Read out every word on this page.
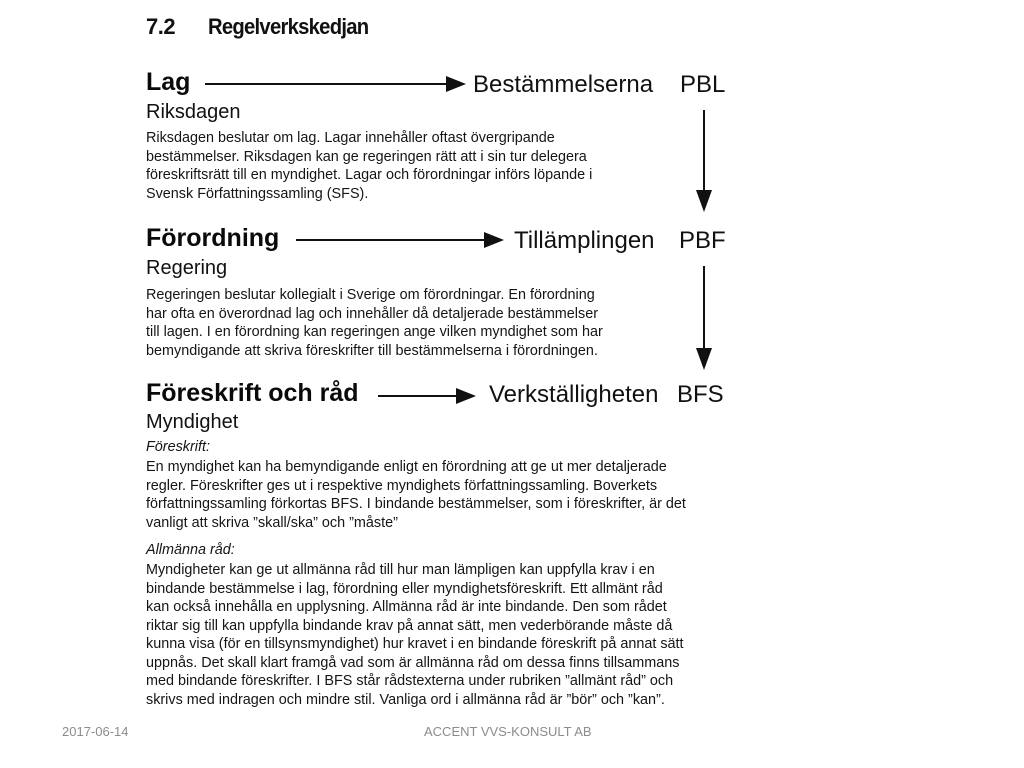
7.2 Regelverkskedjan
Lag
Riksdagen
Bestämmelserna PBL
Riksdagen beslutar om lag. Lagar innehåller oftast övergripande
bestämmelser. Riksdagen kan ge regeringen rätt att i sin tur delegera
föreskriftsrätt till en myndighet. Lagar och förordningar införs löpande i
Svensk Författningssamling (SFS).
Förordning
Regering
Tillämplingen PBF
Regeringen beslutar kollegialt i Sverige om förordningar. En förordning
har ofta en överordnad lag och innehåller då detaljerade bestämmelser
till lagen. I en förordning kan regeringen ange vilken myndighet som har
bemyndigande att skriva föreskrifter till bestämmelserna i förordningen.
Föreskrift och råd
Myndighet
Verkställigheten BFS
Föreskrift:
En myndighet kan ha bemyndigande enligt en förordning att ge ut mer detaljerade
regler. Föreskrifter ges ut i respektive myndighets författningssamling. Boverkets
författningssamling förkortas BFS. I bindande bestämmelser, som i föreskrifter, är det
vanligt att skriva ”skall/ska” och ”måste”
Allmänna råd:
Myndigheter kan ge ut allmänna råd till hur man lämpligen kan uppfylla krav i en
bindande bestämmelse i lag, förordning eller myndighetsföreskrift. Ett allmänt råd
kan också innehålla en upplysning. Allmänna råd är inte bindande. Den som rådet
riktar sig till kan uppfylla bindande krav på annat sätt, men vederbörande måste då
kunna visa (för en tillsynsmyndighet) hur kravet i en bindande föreskrift på annat sätt
uppnås. Det skall klart framgå vad som är allmänna råd om dessa finns tillsammans
med bindande föreskrifter. I BFS står rådstexterna under rubriken ”allmänt råd” och
skrivs med indragen och mindre stil. Vanliga ord i allmänna råd är ”bör” och ”kan”.
2017-06-14	ACCENT VVS-KONSULT AB
